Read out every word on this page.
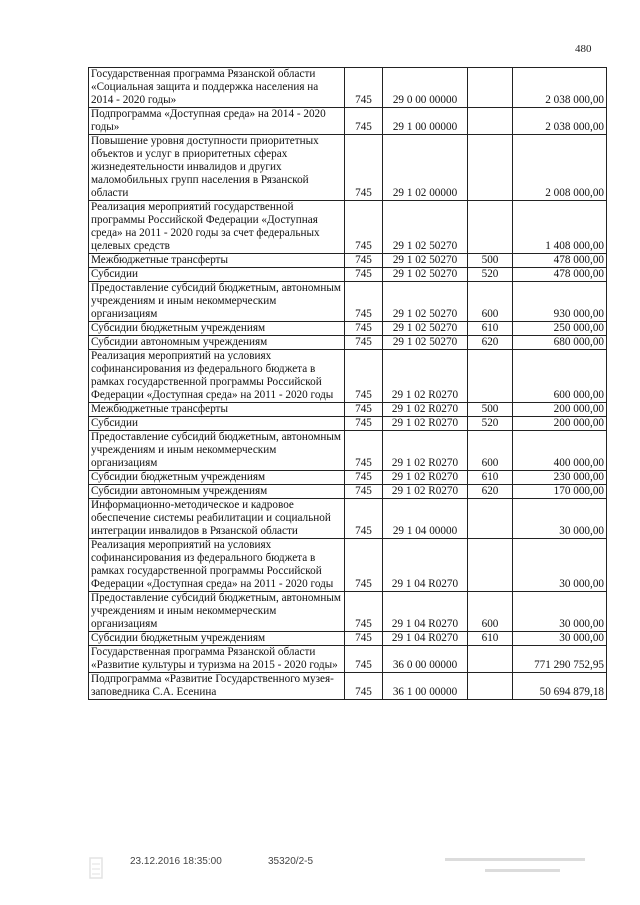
480
Государственная программа Рязанской области «Социальная защита и поддержка населения на 2014 - 2020 годы»	745	29 0 00 00000		2 038 000,00
Подпрограмма «Доступная среда» на 2014 - 2020 годы»	745	29 1 00 00000		2 038 000,00
Повышение уровня доступности приоритетных объектов и услуг в приоритетных сферах жизнедеятельности инвалидов и других маломобильных групп населения в Рязанской области	745	29 1 02 00000		2 008 000,00
Реализация мероприятий государственной программы Российской Федерации «Доступная среда» на 2011 - 2020 годы за счет федеральных целевых средств	745	29 1 02 50270		1 408 000,00
Межбюджетные трансферты	745	29 1 02 50270	500	478 000,00
Субсидии	745	29 1 02 50270	520	478 000,00
Предоставление субсидий бюджетным, автономным учреждениям и иным некоммерческим организациям	745	29 1 02 50270	600	930 000,00
Субсидии бюджетным учреждениям	745	29 1 02 50270	610	250 000,00
Субсидии автономным учреждениям	745	29 1 02 50270	620	680 000,00
Реализация мероприятий на условиях софинансирования из федерального бюджета в рамках государственной программы Российской Федерации «Доступная среда» на 2011 - 2020 годы	745	29 1 02 R0270		600 000,00
Межбюджетные трансферты	745	29 1 02 R0270	500	200 000,00
Субсидии	745	29 1 02 R0270	520	200 000,00
Предоставление субсидий бюджетным, автономным учреждениям и иным некоммерческим организациям	745	29 1 02 R0270	600	400 000,00
Субсидии бюджетным учреждениям	745	29 1 02 R0270	610	230 000,00
Субсидии автономным учреждениям	745	29 1 02 R0270	620	170 000,00
Информационно-методическое и кадровое обеспечение системы реабилитации и социальной интеграции инвалидов в Рязанской области	745	29 1 04 00000		30 000,00
Реализация мероприятий на условиях софинансирования из федерального бюджета в рамках государственной программы Российской Федерации «Доступная среда» на 2011 - 2020 годы	745	29 1 04 R0270		30 000,00
Предоставление субсидий бюджетным, автономным учреждениям и иным некоммерческим организациям	745	29 1 04 R0270	600	30 000,00
Субсидии бюджетным учреждениям	745	29 1 04 R0270	610	30 000,00
Государственная программа Рязанской области «Развитие культуры и туризма на 2015 - 2020 годы»	745	36 0 00 00000		771 290 752,95
Подпрограмма «Развитие Государственного музея-заповедника С.А. Есенина	745	36 1 00 00000		50 694 879,18
23.12.2016 18:35:00	35320/2-5
